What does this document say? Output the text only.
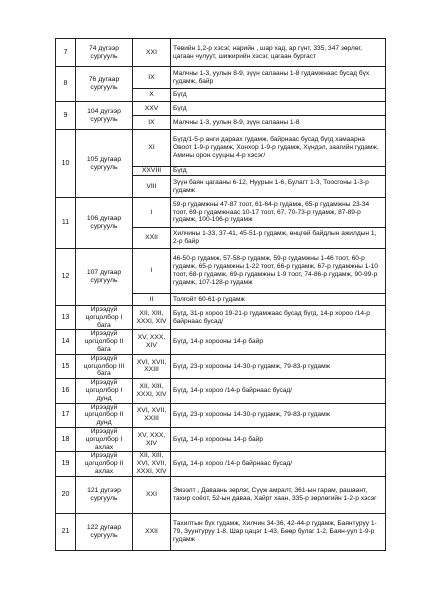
7	74 дүгээр сургууль	XXI	Төвийн 1,2-р хэсэг, нарийн , шар хад, ар гүнт, 335, 347 зөрлөг, цагаан чулуут, шижирийн хэсэг, цагаан бургаст
8	76 дугаар сургууль	IX	Малчны 1-3, уулын 8-9, зүүн салааны 1-8 гудамжнаас бусад бүх гудамж, байр
		X	Бүгд
9	104 дүгээр сургууль	XXV	Бүгд
		IX	Малчны 1-3, уулын 8-9, зүүн салааны 1-8
10	105 дугаар сургууль	XI	Бүгд/1-5-р анги дараах гудамж, байрнаас бусад бүгд хамаарна Овоот 1-9-р гудамж, Хонхор 1-9-р гудамж, Хүндэл, заагийн гудамж, Амины орон сууцны 4-р хэсэг/
		XXVIII	Бүгд
		VIII	Зүүн баян цагааны 6-12, Нуурын 1-6, Булагт 1-3, Тоосгоны 1-3-р гудамж
11	106 дугаар сургууль	I	59-р гудамжны 47-87 тоот, 61-64-р гудамж, 65-р гудамжны 23-34 тоот, 69-р гудамжнаас 10-17 тоот, 67, 70-73-р гудамж, 87-89-р гудамж, 100-106-р гудамж
		XXII	Хилчины 1-33, 37-41, 45-51-р гудамж, өнцгөй байдлын ажилдын 1, 2-р байр
12	107 дугаар сургууль	I	46-50-р гудамж, 57-58-р гудамж, 59-р гудамжны 1-46 тоот, 60-р гудамж, 65-р гудамжны 1-22 тоот, 66-р гудамж, 67-р гудамжны 1-10 тоот, 68-р гудамж, 69-р гудамжны 1-9 тоот, 74-86-р гудамж, 90-99-р гудамж, 107-128-р гудамж
		II	Толгойт 60-61-р гудамж
13	Ирээдүй цогцолбор I бага	XII, XIII, XXXI, XIV	Бүгд, 31-р хороо 19-21-р гудамжаас бусад бүгд, 14-р хороо /14-р байрнаас бусад/
14	Ирээдүй цогцолбор II бага	XV, XXX, XIV	Бүгд, 14-р хорооны 14-р байр
15	Ирээдүй цогцолбор III бага	XVI, XVII, XXIII	Бүгд, 23-р хорооны 14-30-р гудамж, 79-83-р гудамж
16	Ирээдүй цогцолбор I дунд	XII, XIII, XXXI, XIV	Бүгд, 14-р хороо /14-р байрнаас бусад/
17	Ирээдүй цогцолбор II дунд	XVI, XVII, XXIII	Бүгд, 23-р хорооны 14-30-р гудамж, 79-83-р гудамж
18	Ирээдүй цогцолбор I ахлах	XV, XXX, XIV	Бүгд, 14-р хорооны 14-р байр
19	Ирээдүй цогцолбор II ахлах	XII, XIII, XVI, XVII, XXXI, XIV	Бүгд, 14-р хороо /14-р байрнаас бусад/
20	121 дүгээр сургууль	XXI	Эмээлт , Даваань зөрлэг, Сүүж амралт, 361-ын гарам, рашаант, тахир соёот, 52-ын даваа, Хайрт хаан, 335-р зөрлөгийн 1-2-р хэсэг
21	122 дугаар сургууль	XXII	Тахилтын бүх гудамж, Хилчин 34-36, 42-44-р гудамж, Баянтуруу 1-79, Зуунтуруу 1-8, Шар цацэг 1-43, Бөөр булаг 1-2, Баян-уул 1-9-р гудамж
